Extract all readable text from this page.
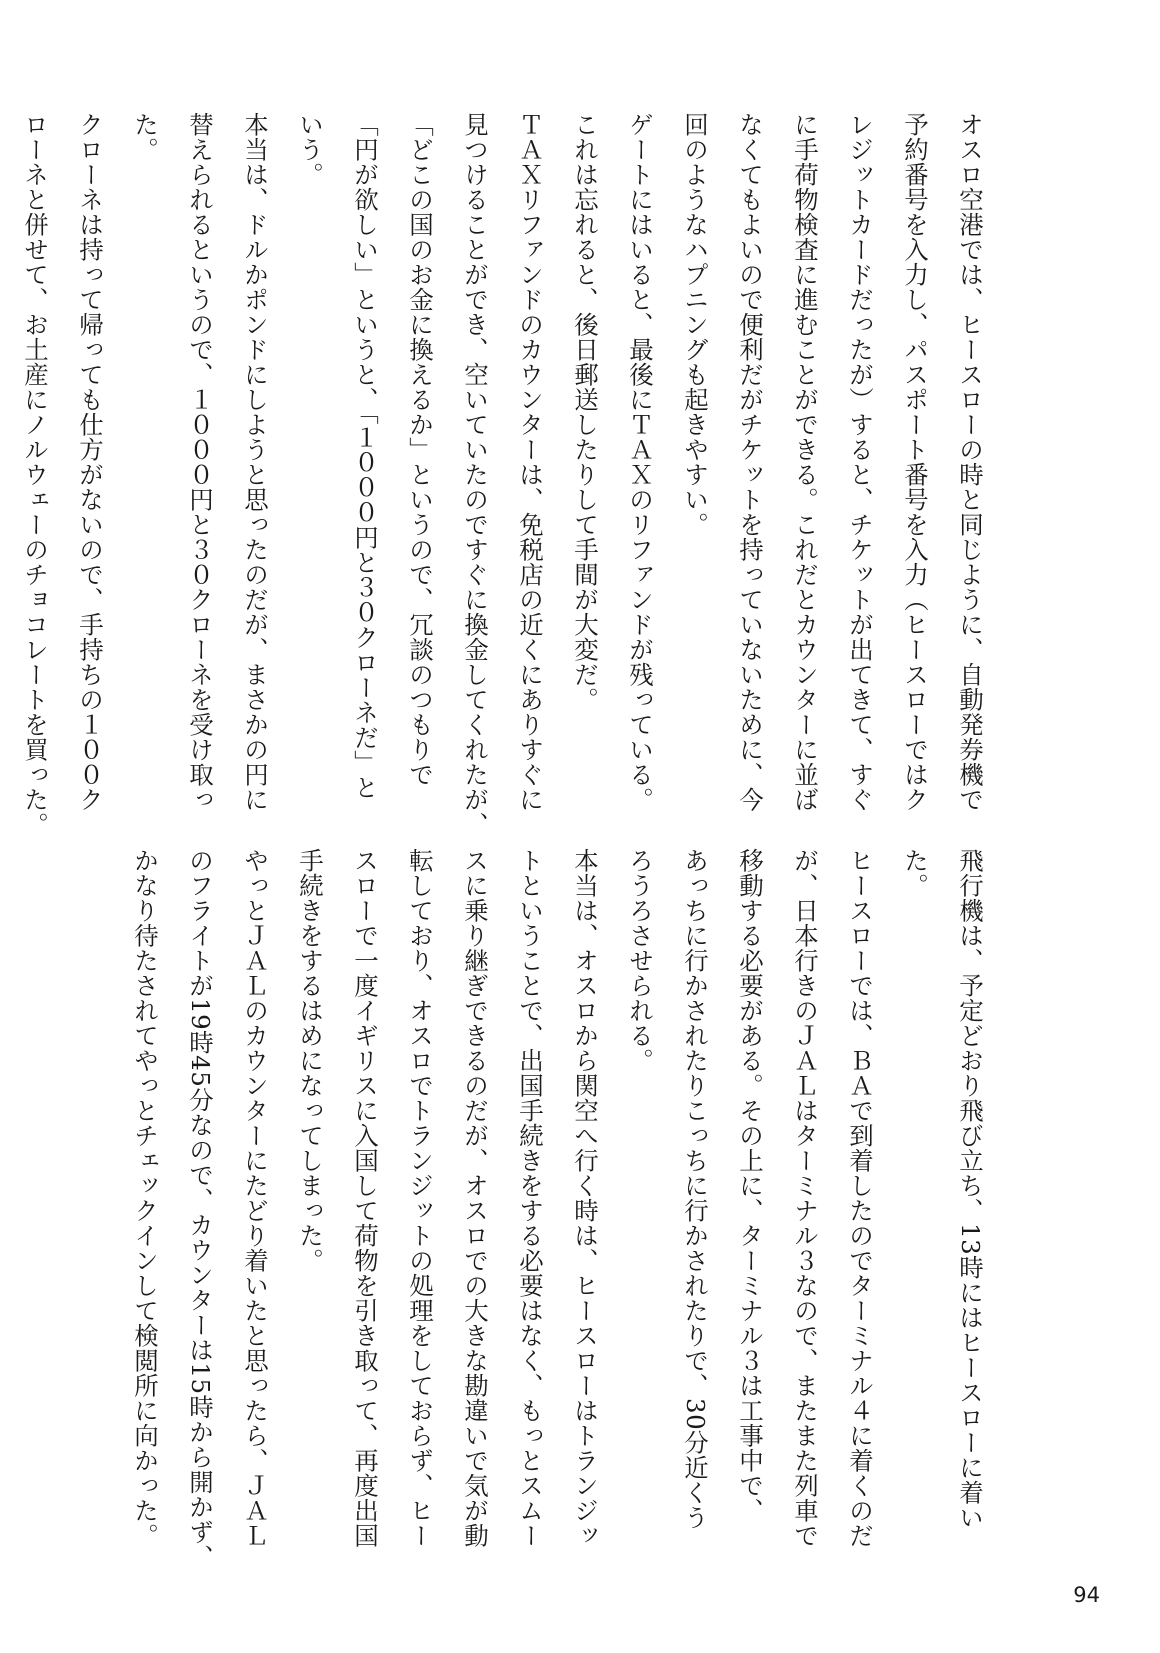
オスロ空港では、ヒースローの時と同じように、自動発券機で
予約番号を入力し、パスポート番号を入力（ヒースローではク
レジットカードだったが）すると、チケットが出てきて、すぐ
に手荷物検査に進むことができる。これだとカウンターに並ば
なくてもよいので便利だがチケットを持っていないために、今
回のようなハプニングも起きやすい。
ゲートにはいると、最後にＴＡＸのリファンドが残っている。
これは忘れると、後日郵送したりして手間が大変だ。
ＴＡＸリファンドのカウンターは、免税店の近くにありすぐに
見つけることができ、空いていたのですぐに換金してくれたが、
「どこの国のお金に換えるか」というので、冗談のつもりで
「円が欲しい」というと、「１０００円と３０クローネだ」と
いう。
本当は、ドルかポンドにしようと思ったのだが、まさかの円に
替えられるというので、１０００円と３０クローネを受け取っ
た。
クローネは持って帰っても仕方がないので、手持ちの１００ク
ローネと併せて、お土産にノルウェーのチョコレートを買った。
飛行機は、予定どおり飛び立ち、13時にはヒースローに着い
た。
ヒースローでは、ＢＡで到着したのでターミナル４に着くのだ
が、日本行きのＪＡＬはターミナル３なので、またまた列車で
移動する必要がある。その上に、ターミナル３は工事中で、
あっちに行かされたりこっちに行かされたりで、30分近くう
ろうろさせられる。
本当は、オスロから関空へ行く時は、ヒースローはトランジッ
トということで、出国手続きをする必要はなく、もっとスムー
スに乗り継ぎできるのだが、オスロでの大きな勘違いで気が動
転しており、オスロでトランジットの処理をしておらず、ヒー
スローで一度イギリスに入国して荷物を引き取って、再度出国
手続きをするはめになってしまった。
やっとＪＡＬのカウンターにたどり着いたと思ったら、ＪＡＬ
のフライトが19時45分なので、カウンターは15時から開かず、
かなり待たされてやっとチェックインして検閲所に向かった。
94
